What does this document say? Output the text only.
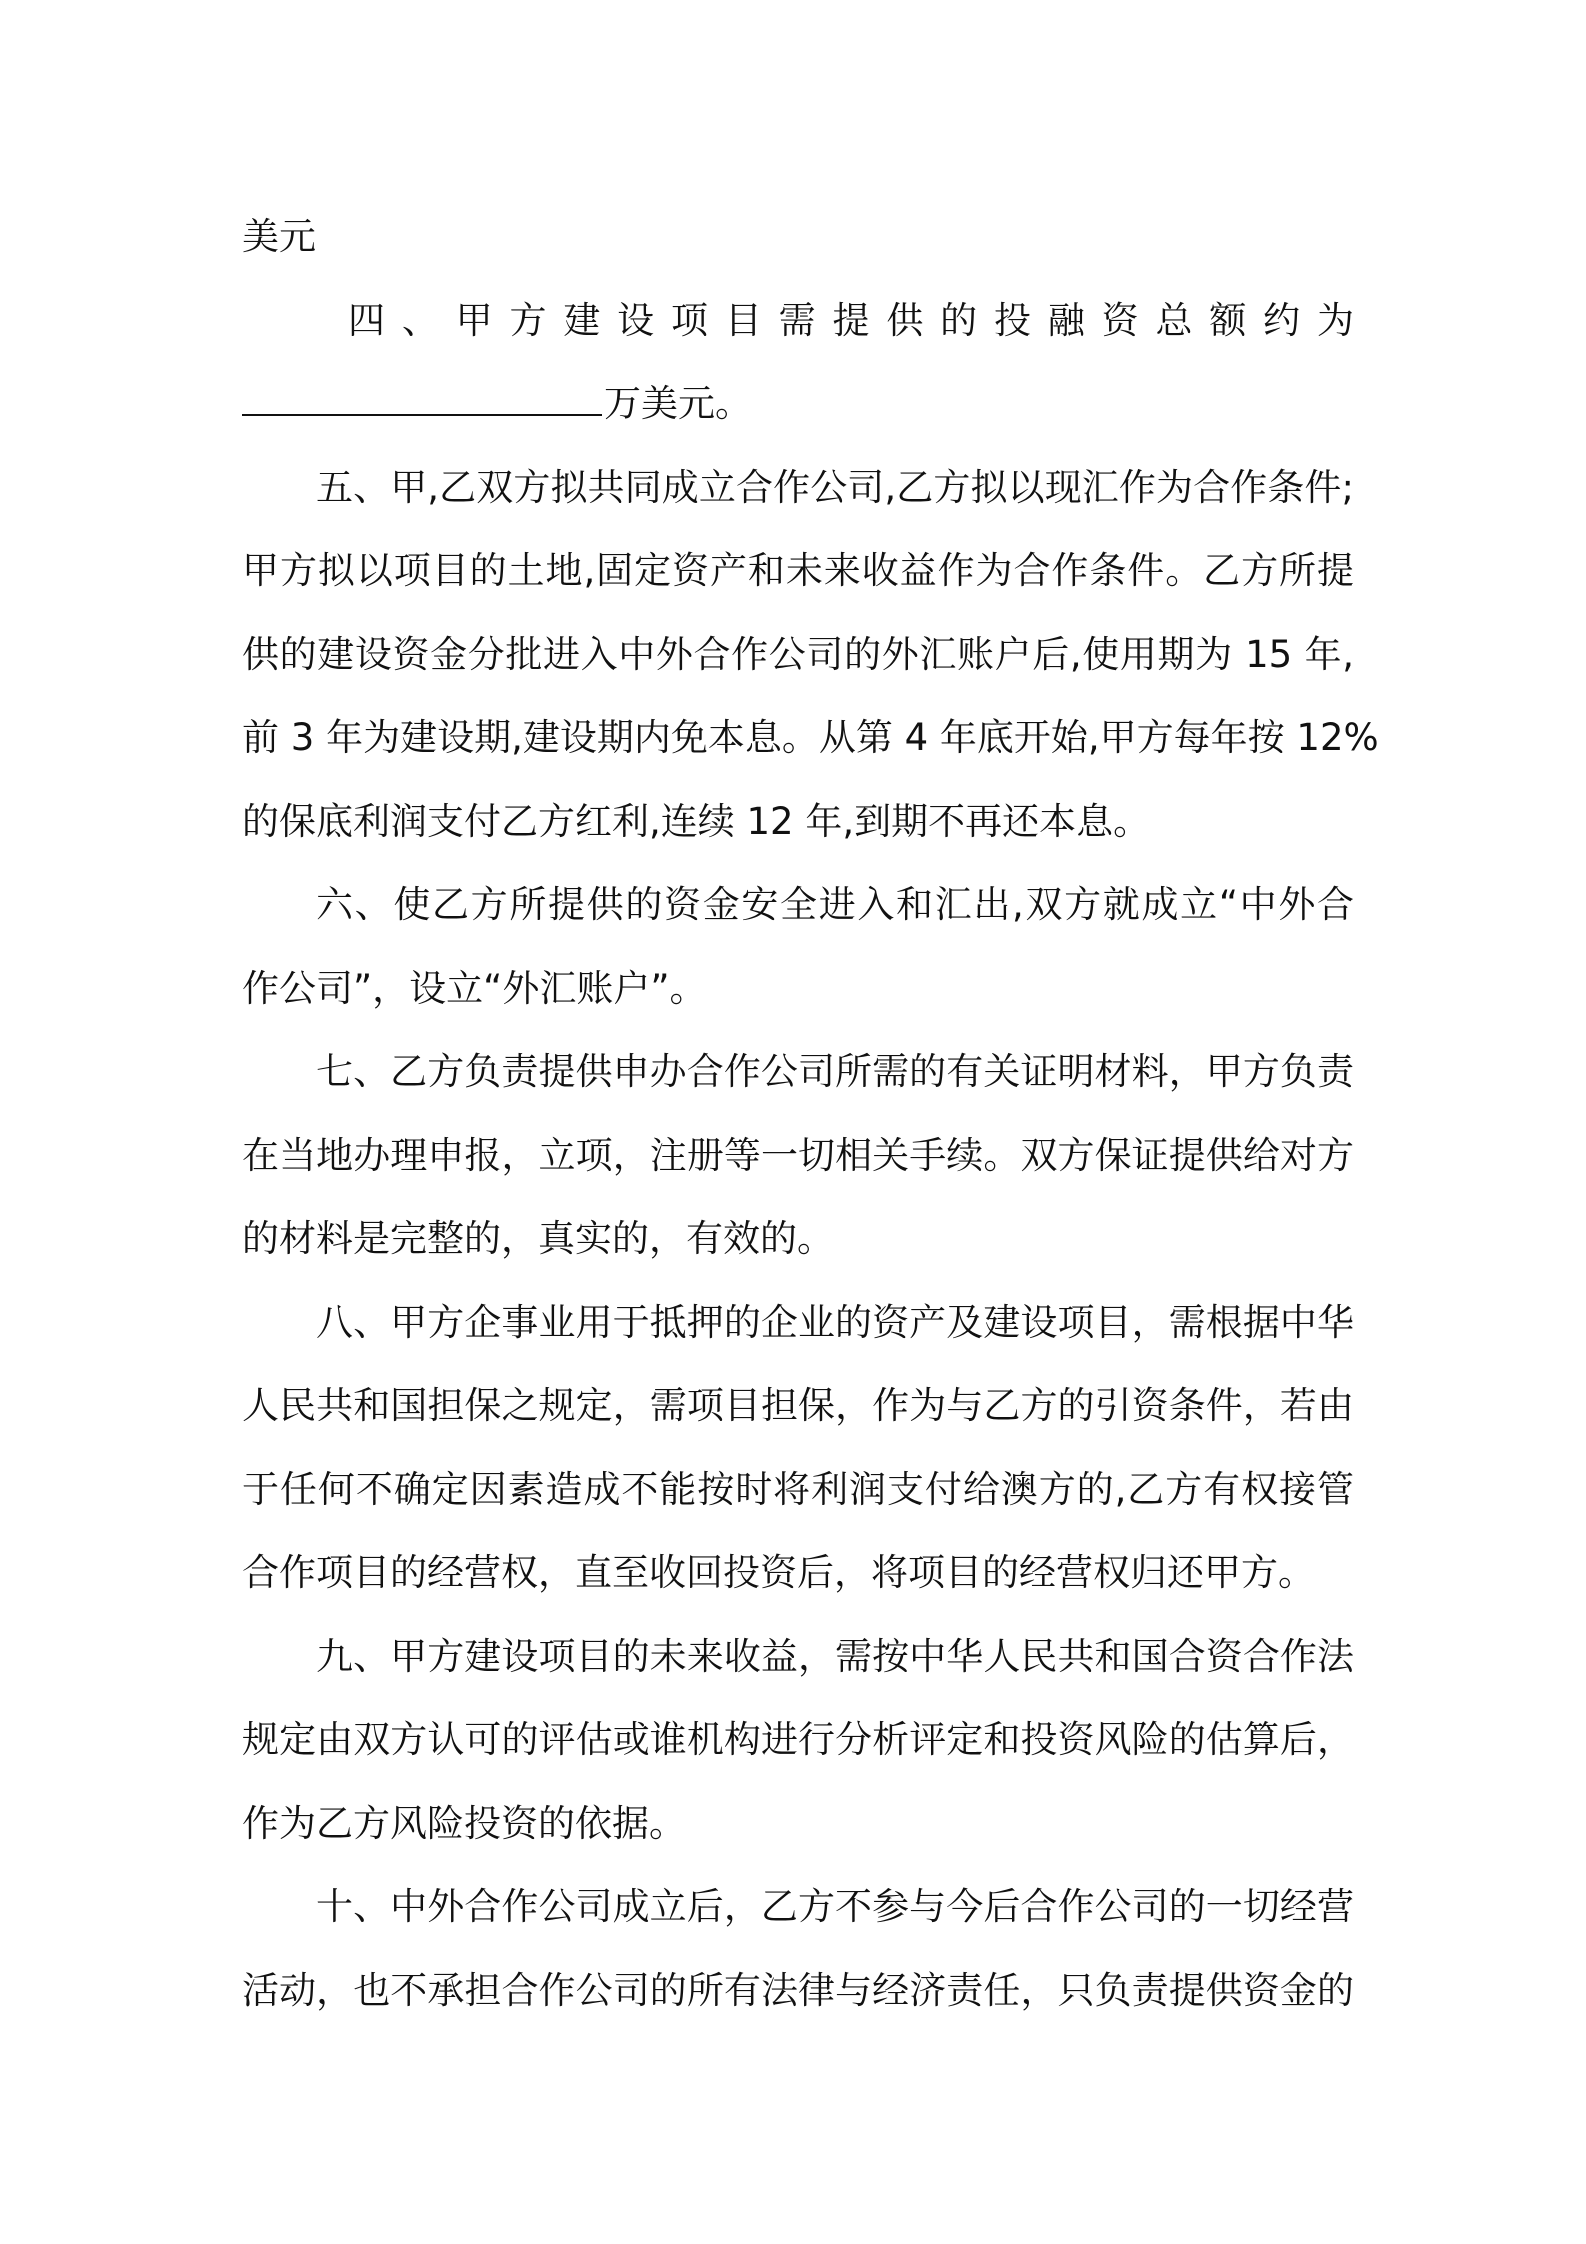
美元
四 、 甲 方 建 设 项 目 需 提 供 的 投 融 资 总 额 约 为
万美元。
五、甲,乙双方拟共同成立合作公司,乙方拟以现汇作为合作条件;
甲方拟以项目的土地,固定资产和未来收益作为合作条件。乙方所提
供的建设资金分批进入中外合作公司的外汇账户后,使用期为 15 年,
前 3 年为建设期,建设期内免本息。从第 4 年底开始,甲方每年按 12%
的保底利润支付乙方红利,连续 12 年,到期不再还本息。
六、使乙方所提供的资金安全进入和汇出,双方就成立“中外合
作公司”，设立“外汇账户”。
七、乙方负责提供申办合作公司所需的有关证明材料，甲方负责
在当地办理申报，立项，注册等一切相关手续。双方保证提供给对方
的材料是完整的，真实的，有效的。
八、甲方企事业用于抵押的企业的资产及建设项目，需根据中华
人民共和国担保之规定，需项目担保，作为与乙方的引资条件，若由
于任何不确定因素造成不能按时将利润支付给澳方的,乙方有权接管
合作项目的经营权，直至收回投资后，将项目的经营权归还甲方。
九、甲方建设项目的未来收益，需按中华人民共和国合资合作法
规定由双方认可的评估或谁机构进行分析评定和投资风险的估算后，
作为乙方风险投资的依据。
十、中外合作公司成立后，乙方不参与今后合作公司的一切经营
活动，也不承担合作公司的所有法律与经济责任，只负责提供资金的
